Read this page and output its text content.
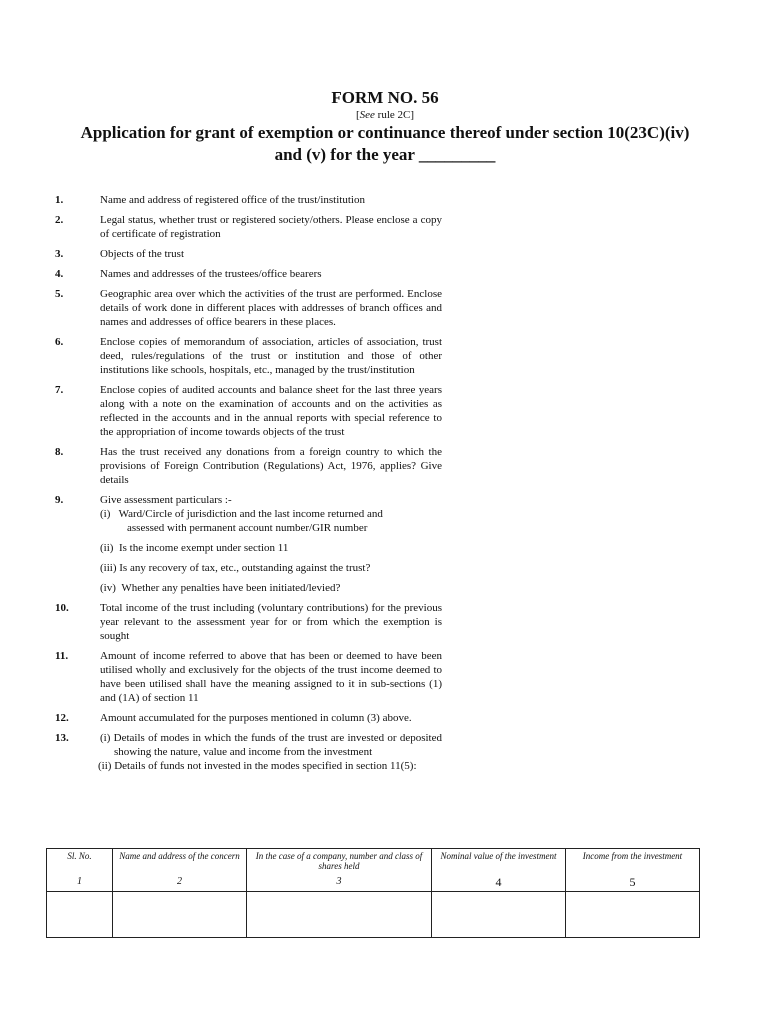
FORM NO. 56
[See rule 2C]
Application for grant of exemption or continuance thereof under section 10(23C)(iv)
and (v) for the year _________
1.	Name and address of registered office of the trust/institution
2.	Legal status, whether trust or registered society/others. Please enclose a copy of certificate of registration
3.	Objects of the trust
4.	Names and addresses of the trustees/office bearers
5.	Geographic area over which the activities of the trust are performed. Enclose details of work done in different places with addresses of branch offices and names and addresses of office bearers in these places.
6.	Enclose copies of memorandum of association, articles of association, trust deed, rules/regulations of the trust or institution and those of other institutions like schools, hospitals, etc., managed by the trust/institution
7.	Enclose copies of audited accounts and balance sheet for the last three years along with a note on the examination of accounts and on the activities as reflected in the accounts and in the annual reports with special reference to the appropriation of income towards objects of the trust
8.	Has the trust received any donations from a foreign country to which the provisions of Foreign Contribution (Regulations) Act, 1976, applies? Give details
9.	Give assessment particulars :-
(i)   Ward/Circle of jurisdiction and the last income returned and
assessed with permanent account number/GIR number
(ii)  Is the income exempt under section 11
(iii) Is any recovery of tax, etc., outstanding against the trust?
(iv)  Whether any penalties have been initiated/levied?
10.	Total income of the trust including (voluntary contributions) for the previous year relevant to the assessment year for or from which the exemption is sought
11.	Amount of income referred to above that has been or deemed to have been utilised wholly and exclusively for the objects of the trust income deemed to have been utilised shall have the meaning assigned to it in sub-sections (1) and (1A) of section 11
12.	Amount accumulated for the purposes mentioned in column (3) above.
13.	(i) Details of modes in which the funds of the trust are invested or deposited showing the nature, value and income from the investment
(ii) Details of funds not invested in the modes specified in section 11(5):
Sl. No.	Name and address of the concern	In the case of a company, number and class of shares held	Nominal value of the investment	Income from the investment
1	2	3	4	5
